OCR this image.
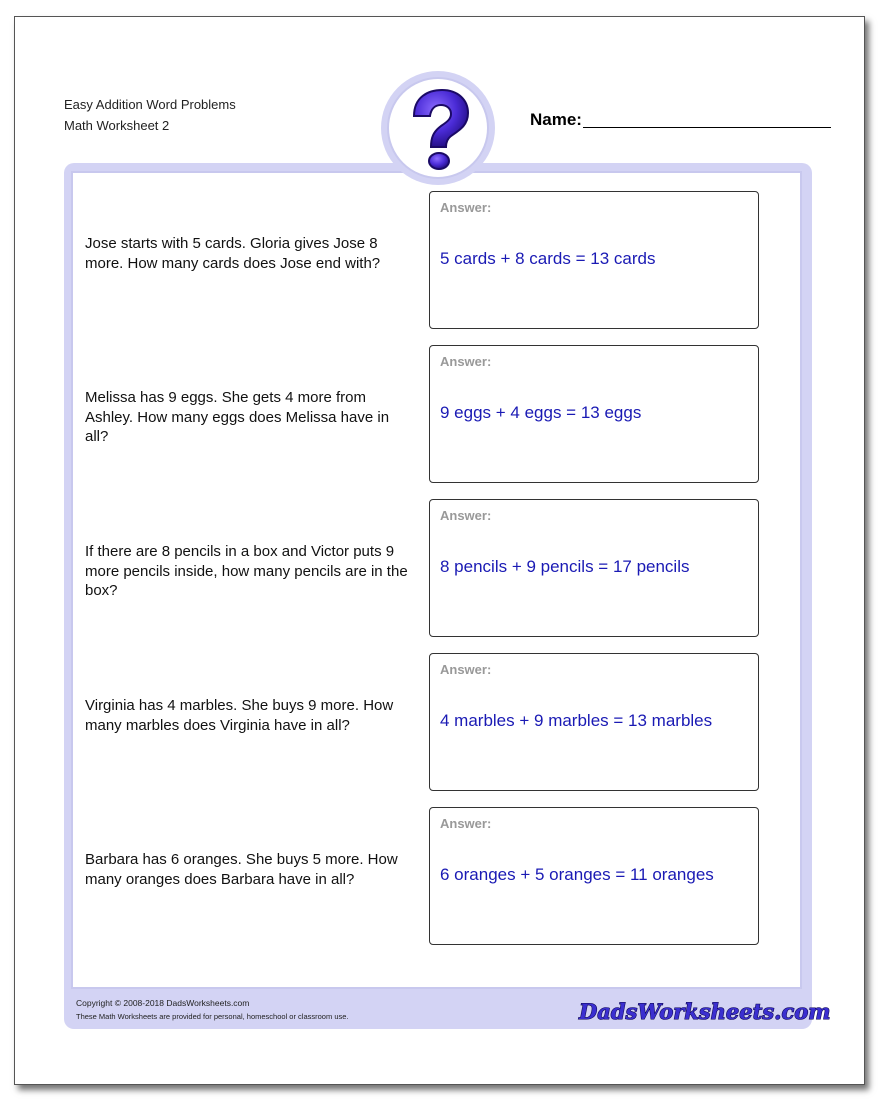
Easy Addition Word Problems
Math Worksheet 2	Name:
Jose starts with 5 cards. Gloria gives Jose 8 more. How many cards does Jose end with?
Answer:
5 cards + 8 cards = 13 cards
Melissa has 9 eggs. She gets 4 more from Ashley. How many eggs does Melissa have in all?
Answer:
9 eggs + 4 eggs = 13 eggs
If there are 8 pencils in a box and Victor puts 9 more pencils inside, how many pencils are in the box?
Answer:
8 pencils + 9 pencils = 17 pencils
Virginia has 4 marbles. She buys 9 more. How many marbles does Virginia have in all?
Answer:
4 marbles + 9 marbles = 13 marbles
Barbara has 6 oranges. She buys 5 more. How many oranges does Barbara have in all?
Answer:
6 oranges + 5 oranges = 11 oranges
Copyright © 2008-2018 DadsWorksheets.com
These Math Worksheets are provided for personal, homeschool or classroom use.	DadsWorksheets.com
